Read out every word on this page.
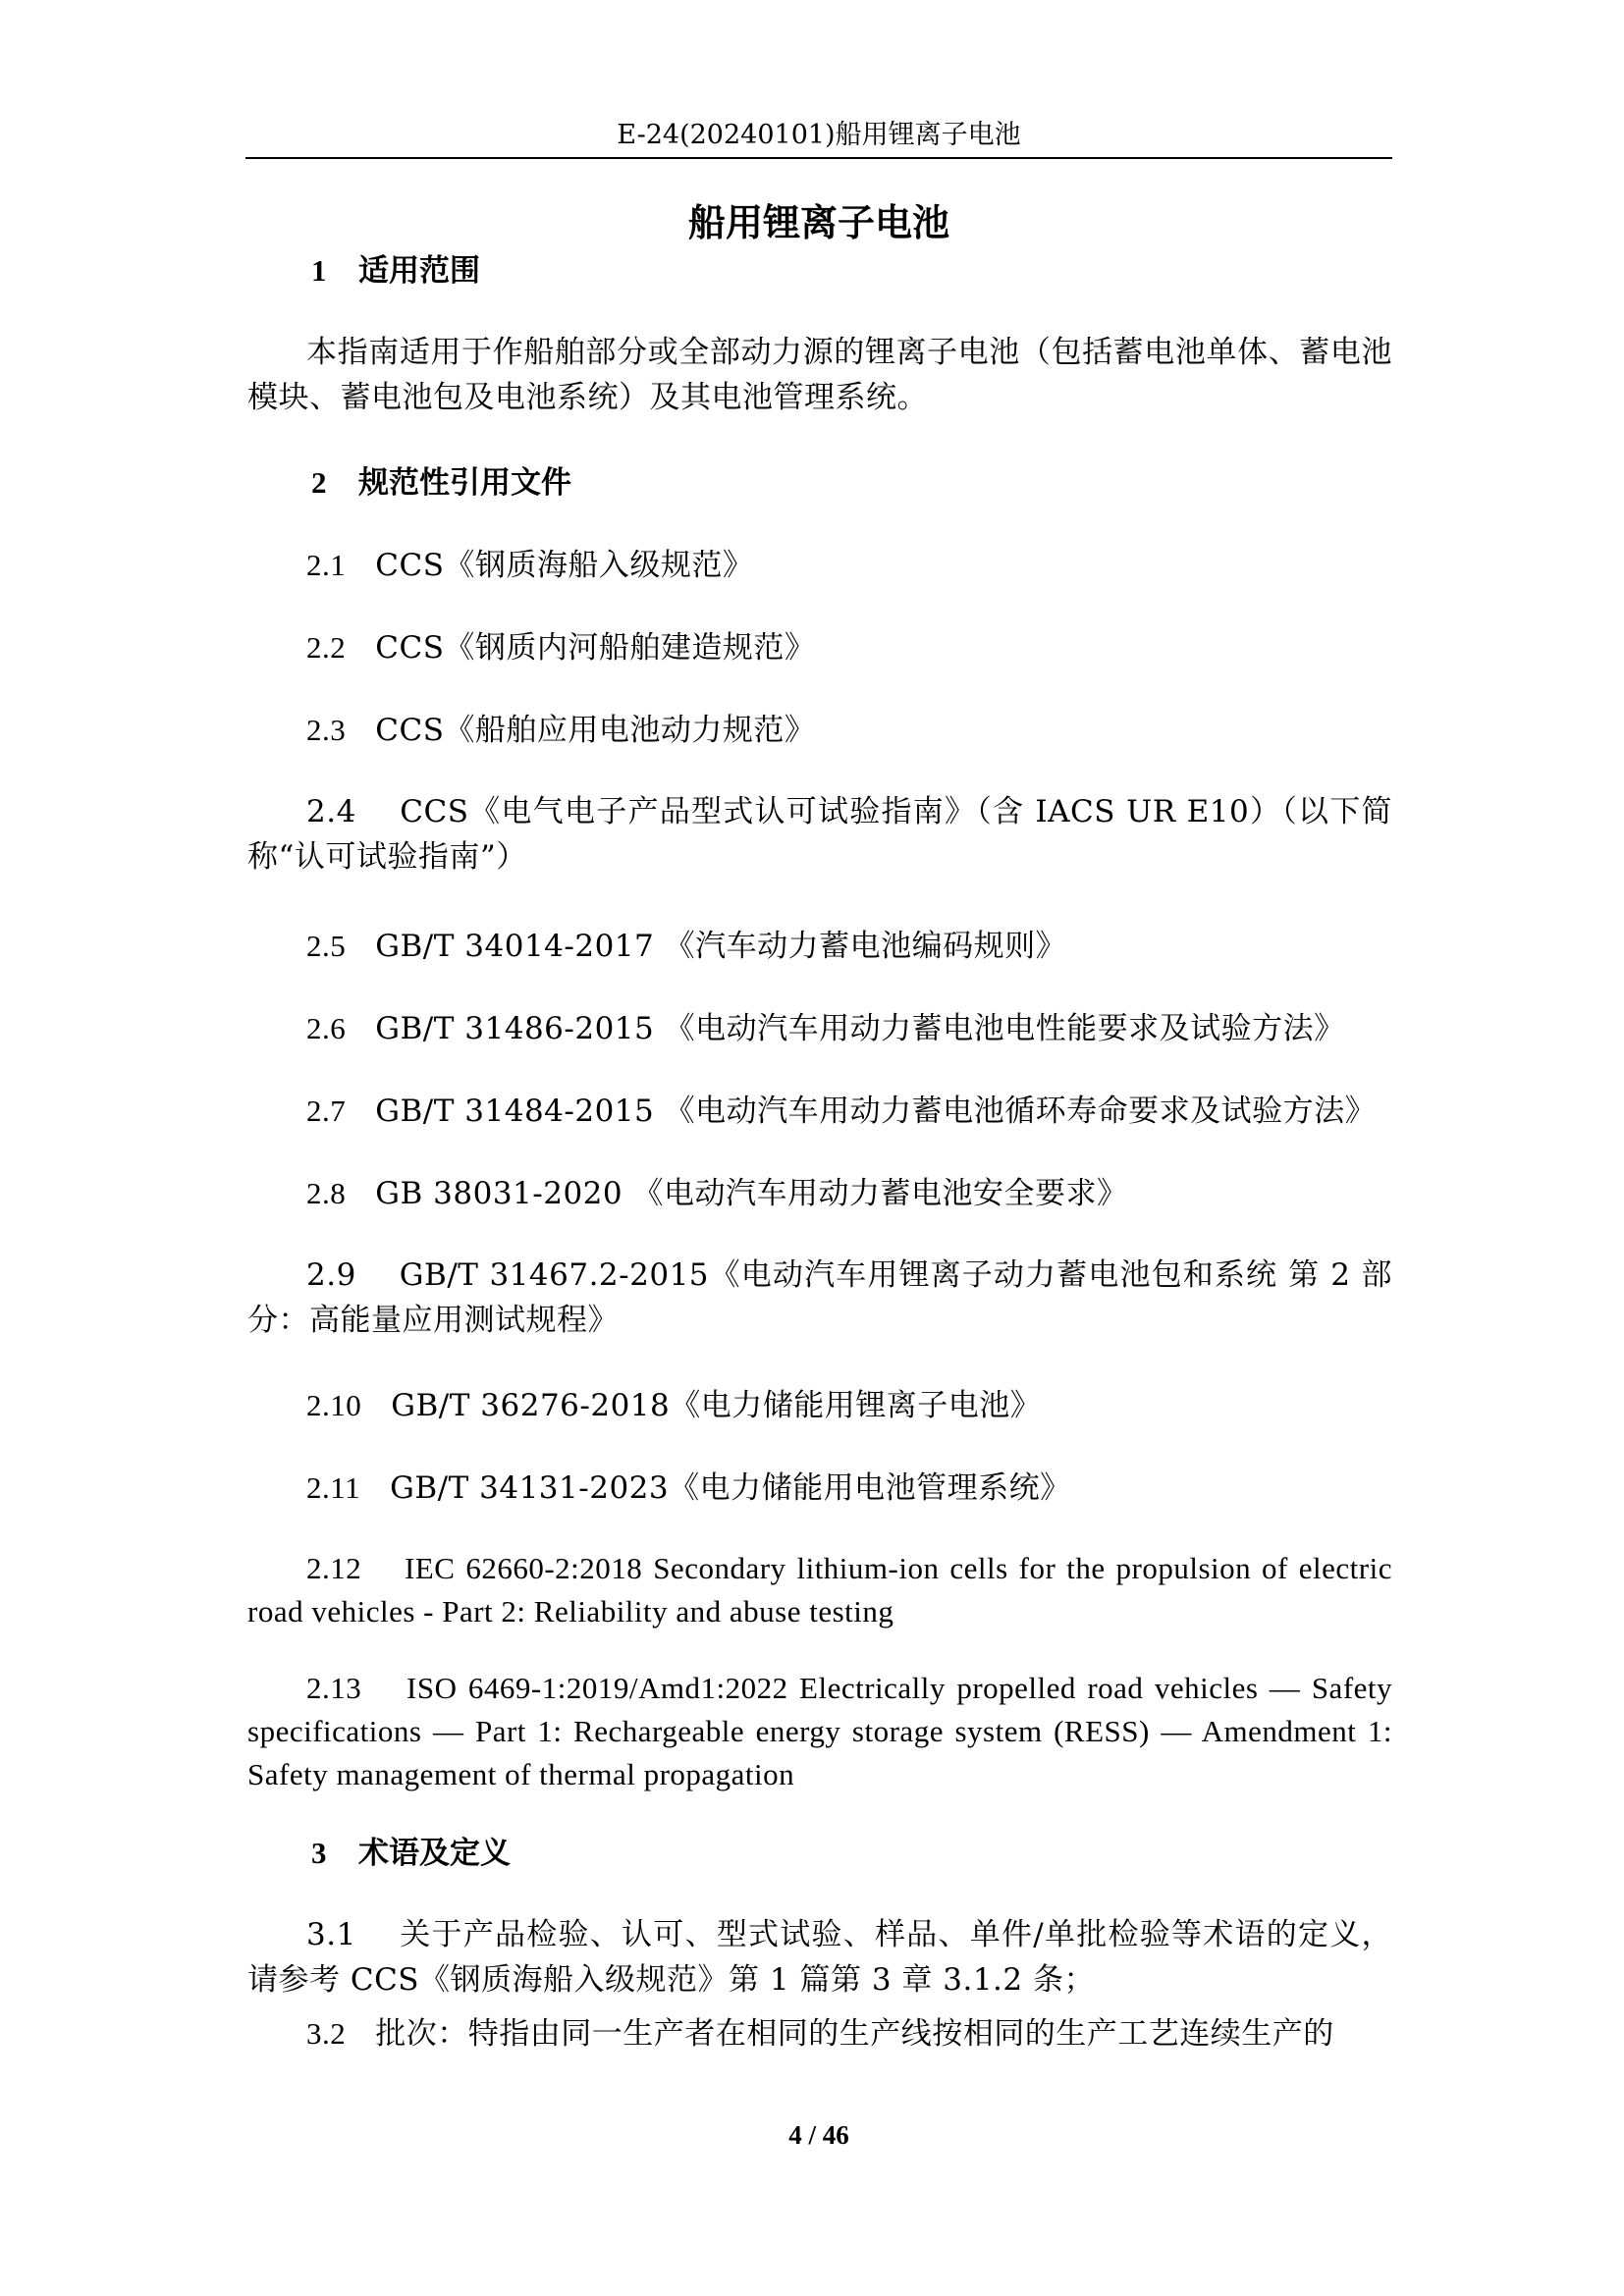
E-24(20240101)船用锂离子电池
船用锂离子电池
1 适用范围
本指南适用于作船舶部分或全部动力源的锂离子电池（包括蓄电池单体、蓄电池模块、蓄电池包及电池系统）及其电池管理系统。
2 规范性引用文件
2.1 CCS《钢质海船入级规范》
2.2 CCS《钢质内河船舶建造规范》
2.3 CCS《船舶应用电池动力规范》
2.4 CCS《电气电子产品型式认可试验指南》（含 IACS UR E10）（以下简称“认可试验指南”）
2.5 GB/T 34014-2017 《汽车动力蓄电池编码规则》
2.6 GB/T 31486-2015 《电动汽车用动力蓄电池电性能要求及试验方法》
2.7 GB/T 31484-2015 《电动汽车用动力蓄电池循环寿命要求及试验方法》
2.8 GB 38031-2020 《电动汽车用动力蓄电池安全要求》
2.9 GB/T 31467.2-2015《电动汽车用锂离子动力蓄电池包和系统 第 2 部分：高能量应用测试规程》
2.10 GB/T 36276-2018《电力储能用锂离子电池》
2.11 GB/T 34131-2023《电力储能用电池管理系统》
2.12 IEC 62660-2:2018 Secondary lithium-ion cells for the propulsion of electric road vehicles - Part 2: Reliability and abuse testing
2.13 ISO 6469-1:2019/Amd1:2022 Electrically propelled road vehicles — Safety specifications — Part 1: Rechargeable energy storage system (RESS) — Amendment 1: Safety management of thermal propagation
3 术语及定义
3.1 关于产品检验、认可、型式试验、样品、单件/单批检验等术语的定义，请参考 CCS《钢质海船入级规范》第 1 篇第 3 章 3.1.2 条；
3.2 批次：特指由同一生产者在相同的生产线按相同的生产工艺连续生产的
4 / 46
